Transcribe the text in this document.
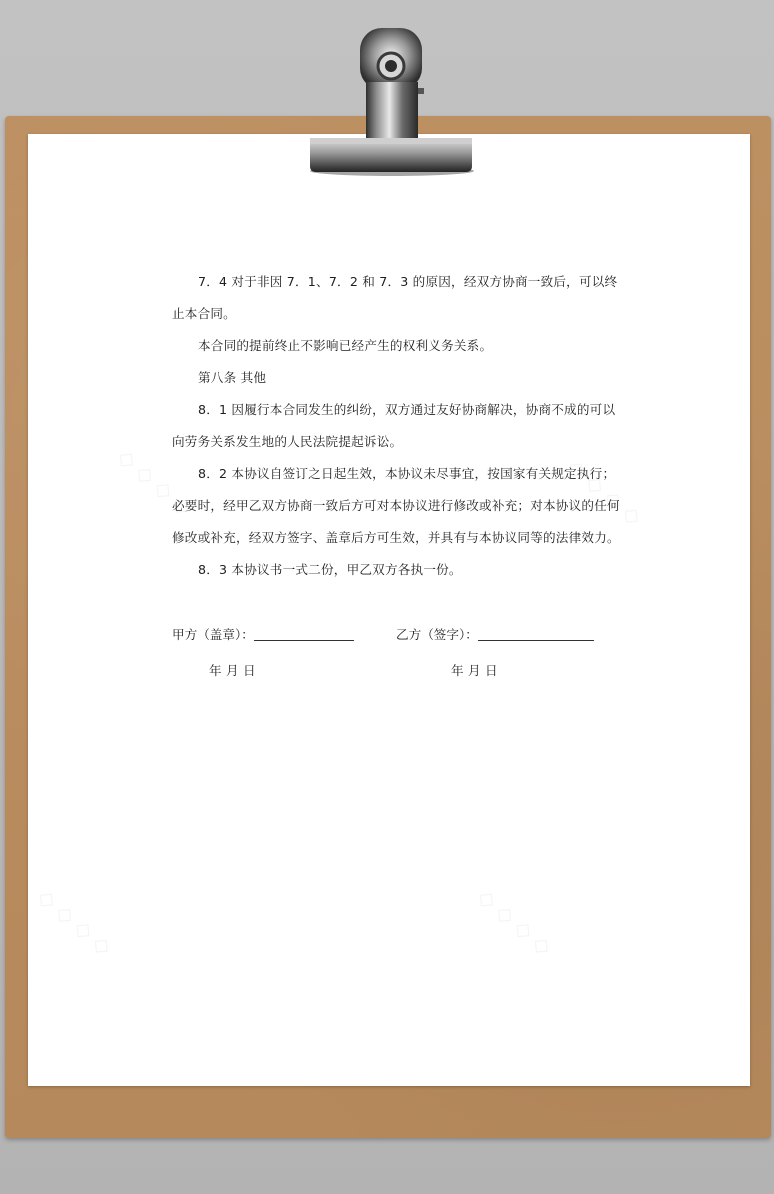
7．4 对于非因 7．1、7．2 和 7．3 的原因，经双方协商一致后，可以终

止本合同。

本合同的提前终止不影响已经产生的权利义务关系。

第八条 其他

8．1 因履行本合同发生的纠纷，双方通过友好协商解决，协商不成的可以

向劳务关系发生地的人民法院提起诉讼。

8．2 本协议自签订之日起生效，本协议未尽事宜，按国家有关规定执行；

必要时，经甲乙双方协商一致后方可对本协议进行修改或补充；对本协议的任何

修改或补充，经双方签字、盖章后方可生效，并具有与本协议同等的法律效力。

8．3 本协议书一式二份，甲乙双方各执一份。

甲方（盖章）：	乙方（签字）：
年 月 日	年 月 日
